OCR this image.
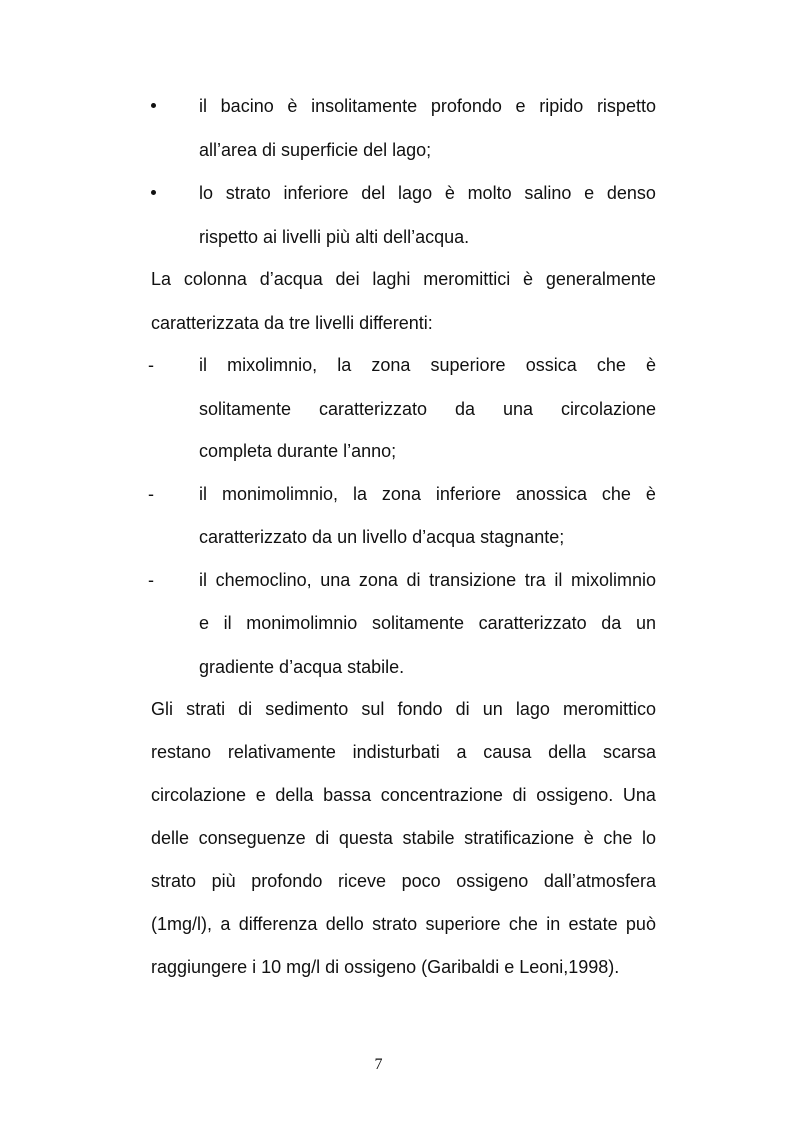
il bacino è insolitamente profondo e ripido rispetto
all’area di superficie del lago;
lo strato inferiore del lago è molto salino e denso
rispetto ai livelli più alti dell’acqua.
La colonna d’acqua dei laghi meromittici è generalmente
caratterizzata da tre livelli differenti:
-	il mixolimnio, la zona superiore ossica che è
solitamente caratterizzato da una circolazione
completa durante l’anno;
-	il monimolimnio, la zona inferiore anossica che è
caratterizzato da un livello d’acqua stagnante;
-	il chemoclino, una zona di transizione tra il mixolimnio
e il monimolimnio solitamente caratterizzato da un
gradiente d’acqua stabile.
Gli strati di sedimento sul fondo di un lago meromittico
restano relativamente indisturbati a causa della scarsa
circolazione e della bassa concentrazione di ossigeno. Una
delle conseguenze di questa stabile stratificazione è che lo
strato più profondo riceve poco ossigeno dall’atmosfera
(1mg/l), a differenza dello strato superiore che in estate può
raggiungere i 10 mg/l di ossigeno (Garibaldi e Leoni,1998).
7
